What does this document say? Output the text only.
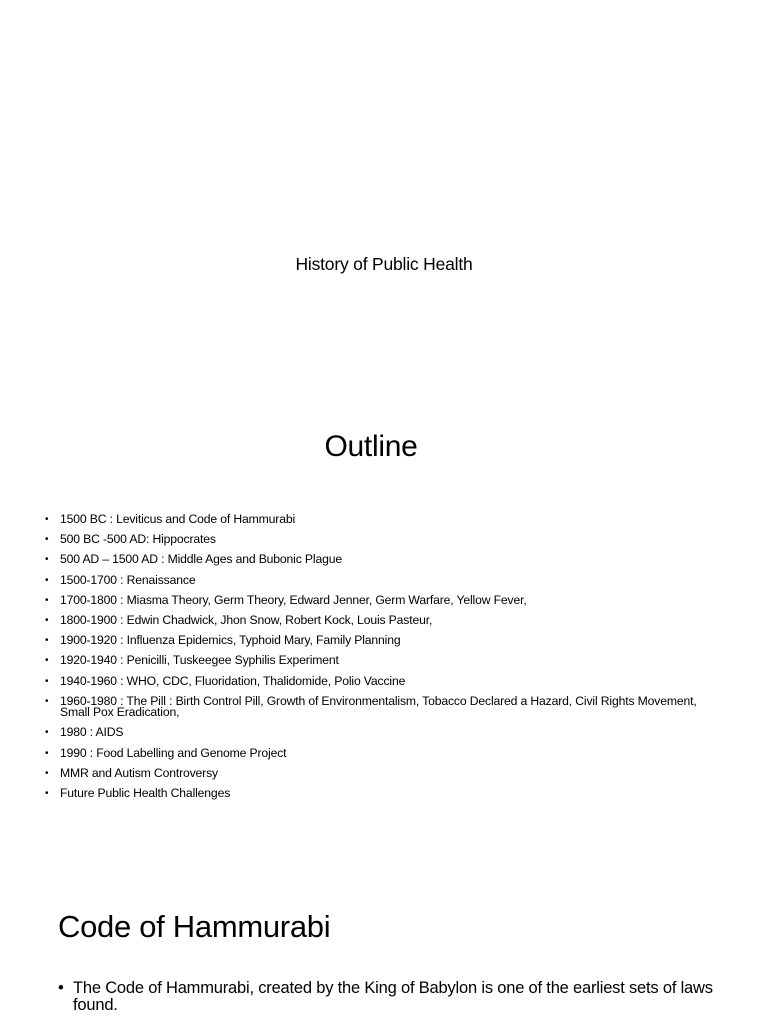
History of Public Health
Outline
• 1500 BC : Leviticus and Code of Hammurabi
• 500 BC -500 AD: Hippocrates
• 500 AD – 1500 AD : Middle Ages and Bubonic Plague
• 1500-1700 : Renaissance
• 1700-1800 : Miasma Theory, Germ Theory, Edward Jenner, Germ Warfare, Yellow Fever,
• 1800-1900 : Edwin Chadwick, Jhon Snow, Robert Kock, Louis Pasteur,
• 1900-1920 : Influenza Epidemics, Typhoid Mary, Family Planning
• 1920-1940 : Penicilli, Tuskeegee Syphilis Experiment
• 1940-1960 : WHO, CDC, Fluoridation, Thalidomide, Polio Vaccine
• 1960-1980 : The Pill : Birth Control Pill, Growth of Environmentalism, Tobacco Declared a Hazard, Civil Rights Movement, Small Pox Eradication,
• 1980 : AIDS
• 1990 : Food Labelling and Genome Project
• MMR and Autism Controversy
• Future Public Health Challenges
Code of Hammurabi
• The Code of Hammurabi, created by the King of Babylon is one of the earliest sets of laws found.
